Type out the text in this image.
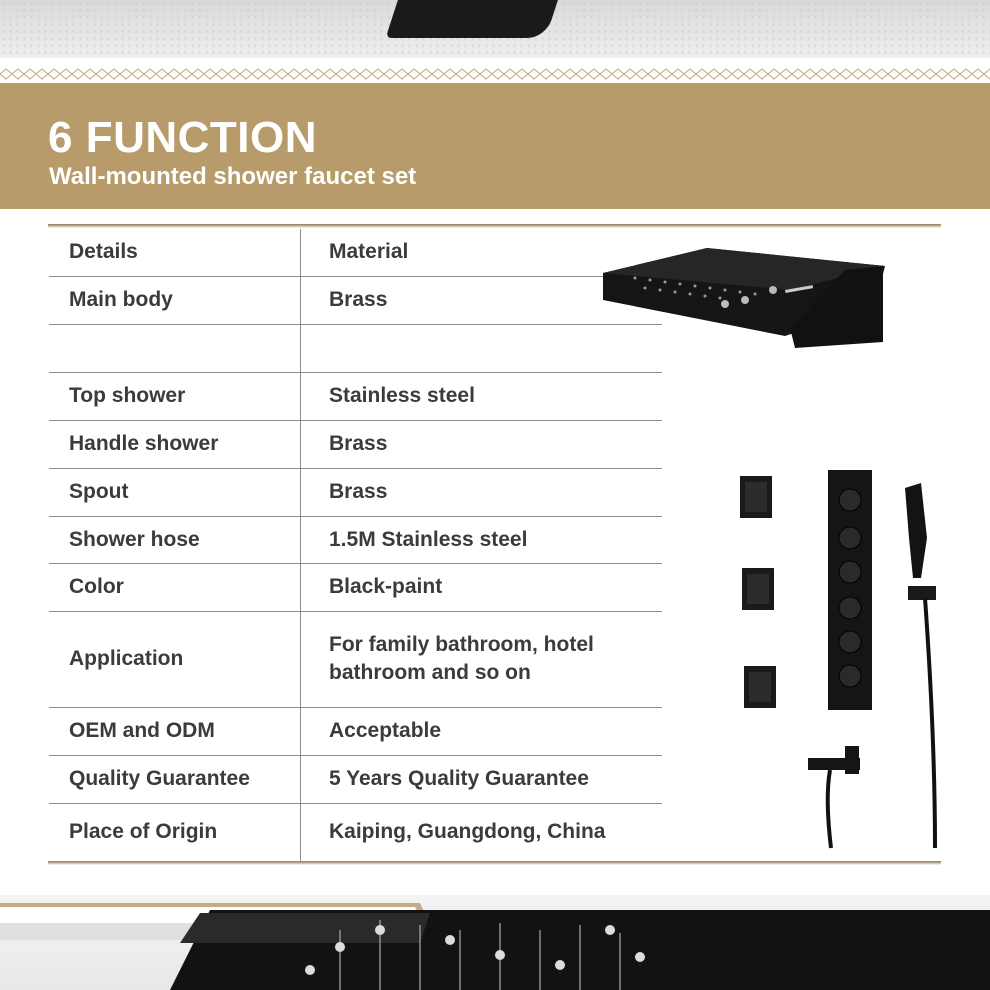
6 FUNCTION
Wall-mounted shower faucet set
Details	Material
Main body	Brass

Top shower	Stainless steel
Handle shower	Brass
Spout	Brass
Shower hose	1.5M Stainless steel
Color	Black-paint
Application	For family bathroom, hotel bathroom and so on

OEM and ODM	Acceptable
Quality Guarantee	5 Years Quality Guarantee
Place of Origin	Kaiping, Guangdong, China
